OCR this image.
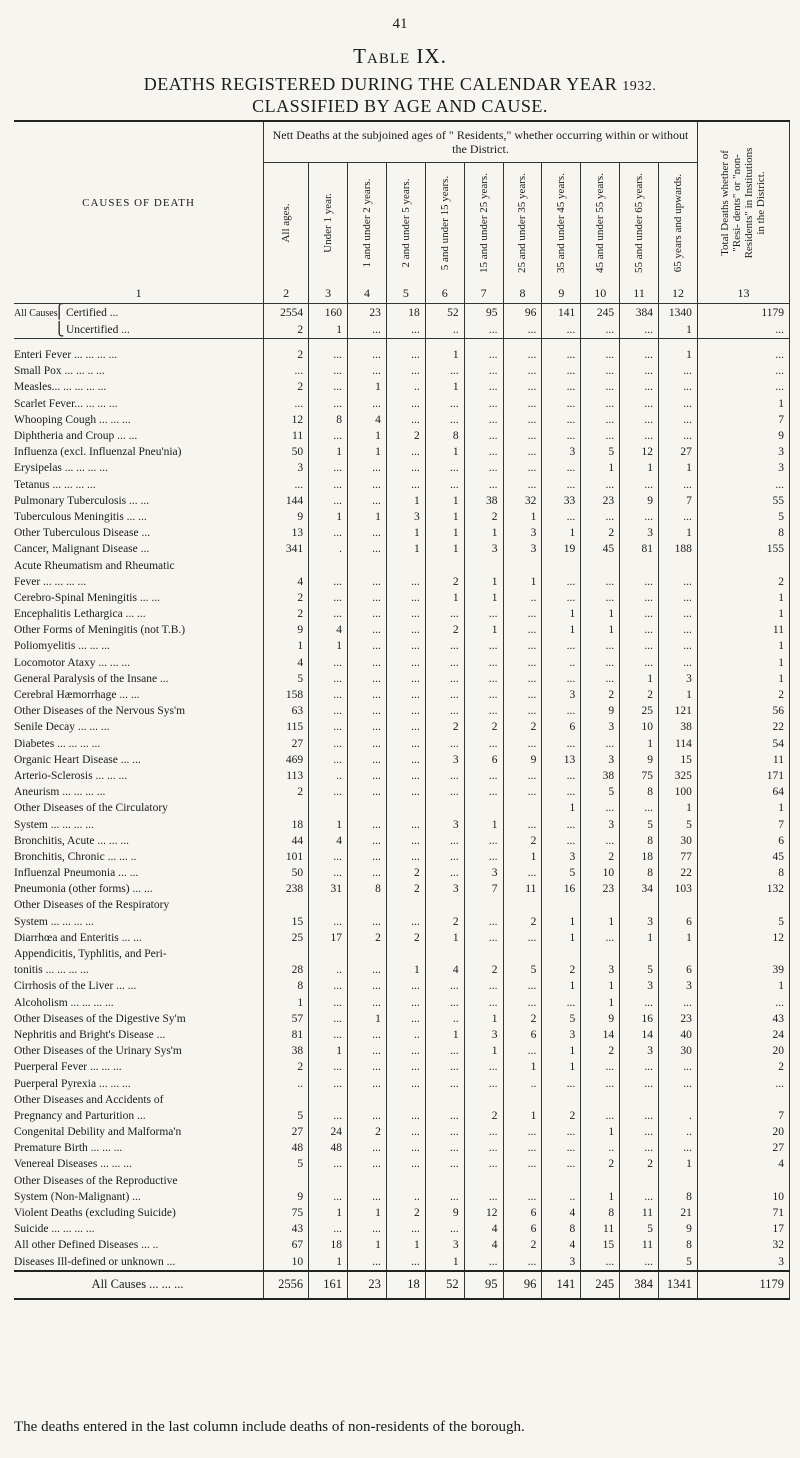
41
Table IX.
DEATHS REGISTERED DURING THE CALENDAR YEAR 1932.
CLASSIFIED BY AGE AND CAUSE.
CAUSES OF DEATH	Nett Deaths at the subjoined ages of " Residents," whether occurring within or without the District.											Total Deaths whether of "Resi- dents" or "non- Residents" in Institutions in the District.

	All ages.	Under 1 year.	1 and under 2 years.	2 and under 5 years.	5 and under 15 years.	15 and under 25 years.	25 and under 35 years.	35 and under 45 years.	45 and under 55 years.	55 and under 65 years.	65 years and upwards.	

1	2	3	4	5	6	7	8	9	10	11	12	13
All Causes⎧ Certified ...	2554	160	23	18	52	95	96	141	245	384	1340	1179
⎩ Uncertified ...	2	1	...	...	..	...	...	...	...	...	1	...

Enteri Fever ... ... ... ...	2	...	...	...	1	...	...	...	...	...	1	...
Small Pox ... ... .. ...	...	...	...	...	...	...	...	...	...	...	...	...
Measles... ... ... ... ...	2	...	1	..	1	...	...	...	...	...	...	...
Scarlet Fever... ... ... ...	...	...	...	...	...	...	...	...	...	...	...	1
Whooping Cough ... ... ...	12	8	4	...	...	...	...	...	...	...	...	7
Diphtheria and Croup ... ...	11	...	1	2	8	...	...	...	...	...	...	9
Influenza (excl. Influenzal Pneu'nia)	50	1	1	...	1	...	...	3	5	12	27	3
Erysipelas ... ... ... ...	3	...	...	...	...	...	...	...	1	1	1	3
Tetanus ... ... ... ...	...	...	...	...	...	...	...	...	...	...	...	...
Pulmonary Tuberculosis ... ...	144	...	...	1	1	38	32	33	23	9	7	55
Tuberculous Meningitis ... ...	9	1	1	3	1	2	1	...	...	...	...	5
Other Tuberculous Disease ...	13	...	...	1	1	1	3	1	2	3	1	8
Cancer, Malignant Disease ...	341	.	...	1	1	3	3	19	45	81	188	155
Acute Rheumatism and Rheumatic												
Fever ... ... ... ...	4	...	...	...	2	1	1	...	...	...	...	2
Cerebro-Spinal Meningitis ... ...	2	...	...	...	1	1	..	...	...	...	...	1
Encephalitis Lethargica ... ...	2	...	...	...	...	...	...	1	1	...	...	1
Other Forms of Meningitis (not T.B.)	9	4	...	...	2	1	...	1	1	...	...	11
Poliomyelitis ... ... ...	1	1	...	...	...	...	...	...	...	...	...	1
Locomotor Ataxy ... ... ...	4	...	...	...	...	...	...	..	...	...	...	1
General Paralysis of the Insane ...	5	...	...	...	...	...	...	...	...	1	3	1
Cerebral Hæmorrhage ... ...	158	...	...	...	...	...	...	3	2	2	1	2
Other Diseases of the Nervous Sys'm	63	...	...	...	...	...	...	...	9	25	121	56
Senile Decay ... ... ...	115	...	...	...	2	2	2	6	3	10	38	22
Diabetes ... ... ... ...	27	...	...	...	...	...	...	...	...	1	114	54
Organic Heart Disease ... ...	469	...	...	...	3	6	9	13	3	9	15	11
Arterio-Sclerosis ... ... ...	113	..	...	...	...	...	...	...	38	75	325	171
Aneurism ... ... ... ...	2	...	...	...	...	...	...	...	5	8	100	64
Other Diseases of the Circulatory								1	...	...	1	1
System ... ... ... ...	18	1	...	...	3	1	...	...	3	5	5	7
Bronchitis, Acute ... ... ...	44	4	...	...	...	...	2	...	...	8	30	6
Bronchitis, Chronic ... ... ..	101	...	...	...	...	...	1	3	2	18	77	45
Influenzal Pneumonia ... ...	50	...	...	2	...	3	...	5	10	8	22	8
Pneumonia (other forms) ... ...	238	31	8	2	3	7	11	16	23	34	103	132
Other Diseases of the Respiratory												
System ... ... ... ...	15	...	...	...	2	...	2	1	1	3	6	5
Diarrhœa and Enteritis ... ...	25	17	2	2	1	...	...	1	...	1	1	12
Appendicitis, Typhlitis, and Peri-												
tonitis ... ... ... ...	28	..	...	1	4	2	5	2	3	5	6	39
Cirrhosis of the Liver ... ...	8	...	...	...	...	...	...	1	1	3	3	1
Alcoholism ... ... ... ...	1	...	...	...	...	...	...	...	1	...	...	...
Other Diseases of the Digestive Sy'm	57	...	1	...	..	1	2	5	9	16	23	43
Nephritis and Bright's Disease ...	81	...	...	..	1	3	6	3	14	14	40	24
Other Diseases of the Urinary Sys'm	38	1	...	...	...	1	...	1	2	3	30	20
Puerperal Fever ... ... ...	2	...	...	...	...	...	1	1	...	...	...	2
Puerperal Pyrexia ... ... ...	..	...	...	...	...	...	..	...	...	...	...	...
Other Diseases and Accidents of												
Pregnancy and Parturition ...	5	...	...	...	...	2	1	2	...	...	.	7
Congenital Debility and Malforma'n	27	24	2	...	...	...	...	...	1	...	..	20
Premature Birth ... ... ...	48	48	...	...	...	...	...	...	..	...	...	27
Venereal Diseases ... ... ...	5	...	...	...	...	...	...	...	2	2	1	4
Other Diseases of the Reproductive												
System (Non-Malignant) ...	9	...	...	..	...	...	...	..	1	...	8	10
Violent Deaths (excluding Suicide)	75	1	1	2	9	12	6	4	8	11	21	71
Suicide ... ... ... ...	43	...	...	...	...	4	6	8	11	5	9	17
All other Defined Diseases ... ..	67	18	1	1	3	4	2	4	15	11	8	32
Diseases Ill-defined or unknown ...	10	1	...	...	1	...	...	3	...	...	5	3
All Causes ... ... ...	2556	161	23	18	52	95	96	141	245	384	1341	1179
The deaths entered in the last column include deaths of non-residents of the borough.
